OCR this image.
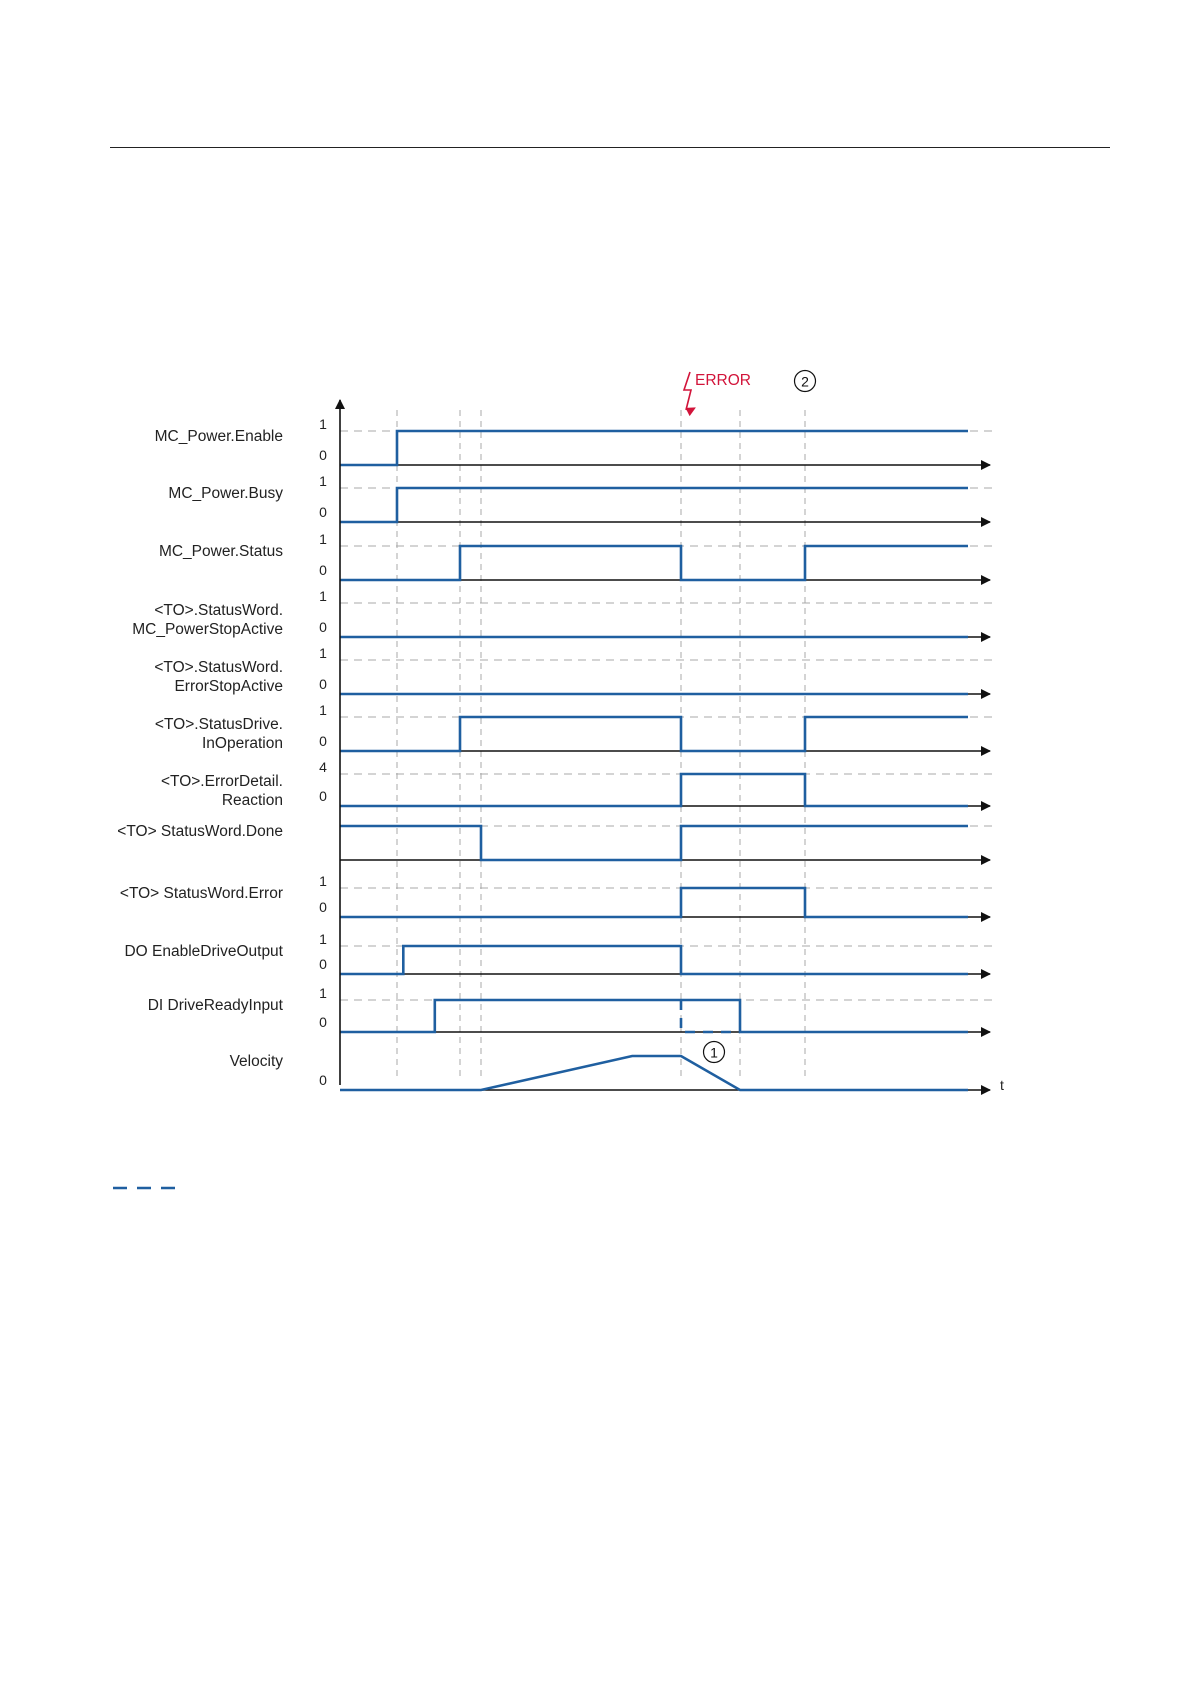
MC_Power.Enable
1
0
MC_Power.Busy
1
0
MC_Power.Status
1
0
<TO>.StatusWord. MC_PowerStopActive
1
0
<TO>.StatusWord. ErrorStopActive
1
0
<TO>.StatusDrive. InOperation
1
0
<TO>.ErrorDetail. Reaction
4
0
<TO> StatusWord.Done
<TO> StatusWord.Error
1
0
DO EnableDriveOutput
1
0
DI DriveReadyInput
1
0
Velocity
0
ERROR	2
1
t
